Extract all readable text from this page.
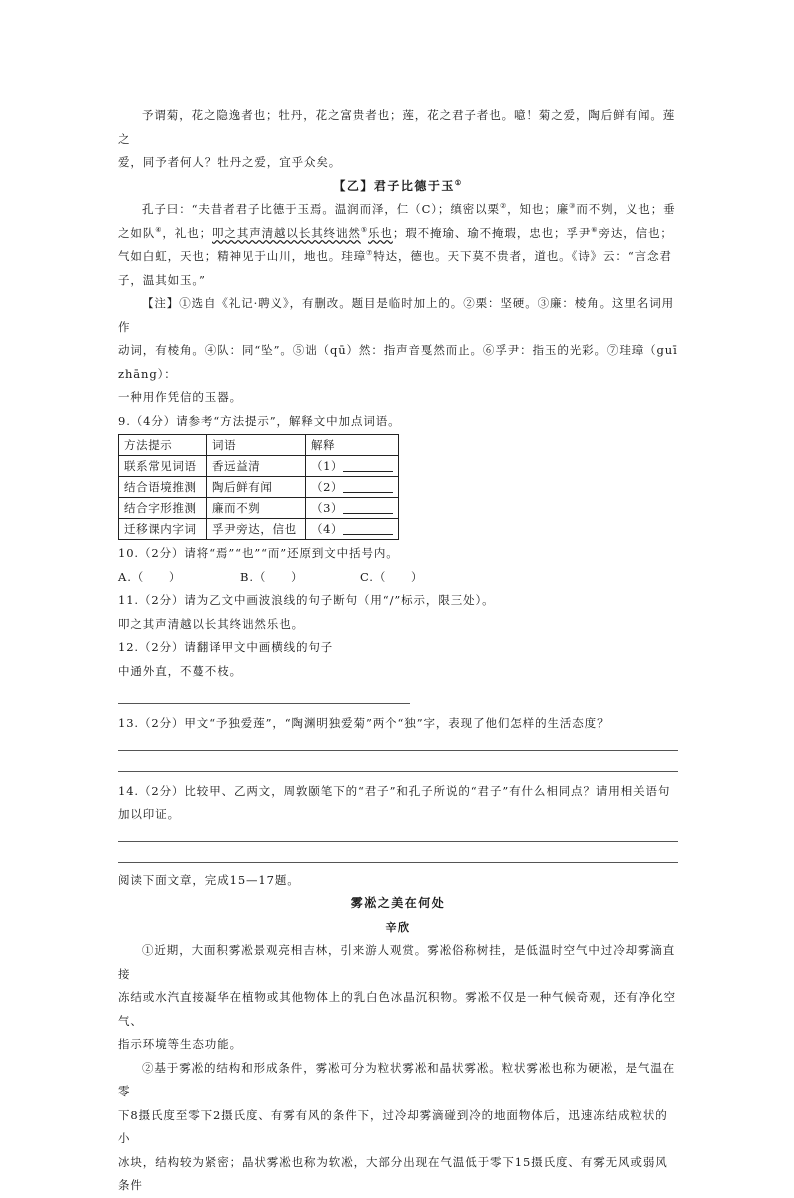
予谓菊，花之隐逸者也；牡丹，花之富贵者也；莲，花之君子者也。噫！菊之爱，陶后鲜有闻。莲之

爱，同予者何人？牡丹之爱，宜乎众矣。

【乙】君子比德于玉①

孔子曰：“夫昔者君子比德于玉焉。温润而泽，仁（C）；缜密以栗②，知也；廉③而不刿，义也；垂之如队④，礼也；叩之其声清越以长其终诎然⑤乐也；瑕不掩瑜、瑜不掩瑕，忠也；孚尹⑥旁达，信也；气如白虹，天也；精神见于山川，地也。珪璋⑦特达，德也。天下莫不贵者，道也。《诗》云：“言念君子，温其如玉。”

【注】①选自《礼记·聘义》，有删改。题目是临时加上的。②栗：坚硬。③廉：棱角。这里名词用作

动词，有棱角。④队：同“坠”。⑤诎（qū）然：指声音戛然而止。⑥孚尹：指玉的光彩。⑦珪璋（guī zhāng）：

一种用作凭信的玉器。

9.（4分）请参考“方法提示”，解释文中加点词语。

方法提示	词语	解释
联系常见词语	香远益清	（1）
结合语境推测	陶后鲜有闻	（2）
结合字形推测	廉而不刿	（3）
迁移课内字词	孚尹旁达，信也	（4）

10.（2分）请将“焉”“也”“而”还原到文中括号内。

A.（　　）	B.（　　）	C.（　　）

11.（2分）请为乙文中画波浪线的句子断句（用“/”标示，限三处）。

叩之其声清越以长其终诎然乐也。

12.（2分）请翻译甲文中画横线的句子

中通外直，不蔓不枝。

13.（2分）甲文“予独爱莲”，“陶渊明独爱菊”两个“独”字，表现了他们怎样的生活态度？

14.（2分）比较甲、乙两文，周敦颐笔下的“君子”和孔子所说的“君子”有什么相同点？请用相关语句

加以印证。

阅读下面文章，完成15—17题。

雾凇之美在何处

辛欣

①近期，大面积雾凇景观亮相吉林，引来游人观赏。雾凇俗称树挂，是低温时空气中过冷却雾滴直接

冻结或水汽直接凝华在植物或其他物体上的乳白色冰晶沉积物。雾凇不仅是一种气候奇观，还有净化空气、

指示环境等生态功能。

②基于雾凇的结构和形成条件，雾凇可分为粒状雾凇和晶状雾凇。粒状雾凇也称为硬凇，是气温在零

下8摄氏度至零下2摄氏度、有雾有风的条件下，过冷却雾滴碰到冷的地面物体后，迅速冻结成粒状的小

冰块，结构较为紧密；晶状雾凇也称为软凇，大部分出现在气温低于零下15摄氏度、有雾无风或弱风条件
